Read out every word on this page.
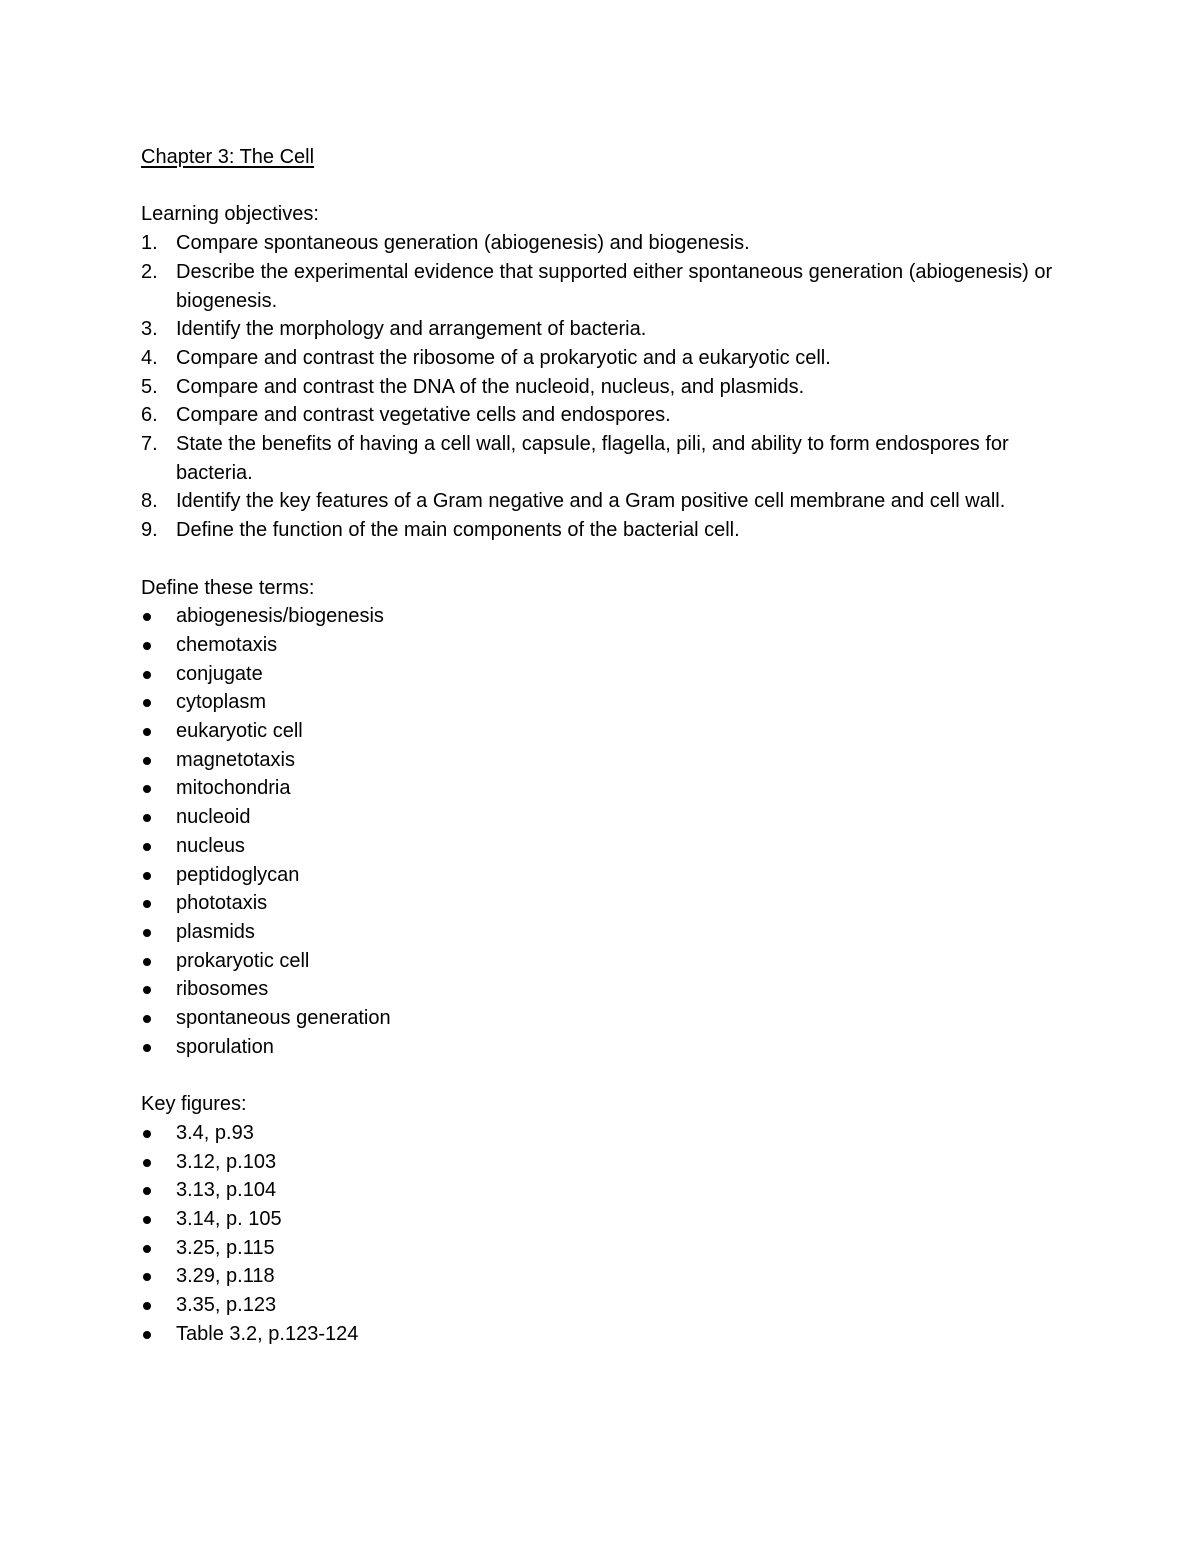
Chapter 3: The Cell
Learning objectives:
1. Compare spontaneous generation (abiogenesis) and biogenesis.
2. Describe the experimental evidence that supported either spontaneous generation (abiogenesis) or biogenesis.
3. Identify the morphology and arrangement of bacteria.
4. Compare and contrast the ribosome of a prokaryotic and a eukaryotic cell.
5. Compare and contrast the DNA of the nucleoid, nucleus, and plasmids.
6. Compare and contrast vegetative cells and endospores.
7. State the benefits of having a cell wall, capsule, flagella, pili, and ability to form endospores for bacteria.
8. Identify the key features of a Gram negative and a Gram positive cell membrane and cell wall.
9. Define the function of the main components of the bacterial cell.
Define these terms:
abiogenesis/biogenesis
chemotaxis
conjugate
cytoplasm
eukaryotic cell
magnetotaxis
mitochondria
nucleoid
nucleus
peptidoglycan
phototaxis
plasmids
prokaryotic cell
ribosomes
spontaneous generation
sporulation
Key figures:
3.4, p.93
3.12, p.103
3.13, p.104
3.14, p. 105
3.25, p.115
3.29, p.118
3.35, p.123
Table 3.2, p.123-124
